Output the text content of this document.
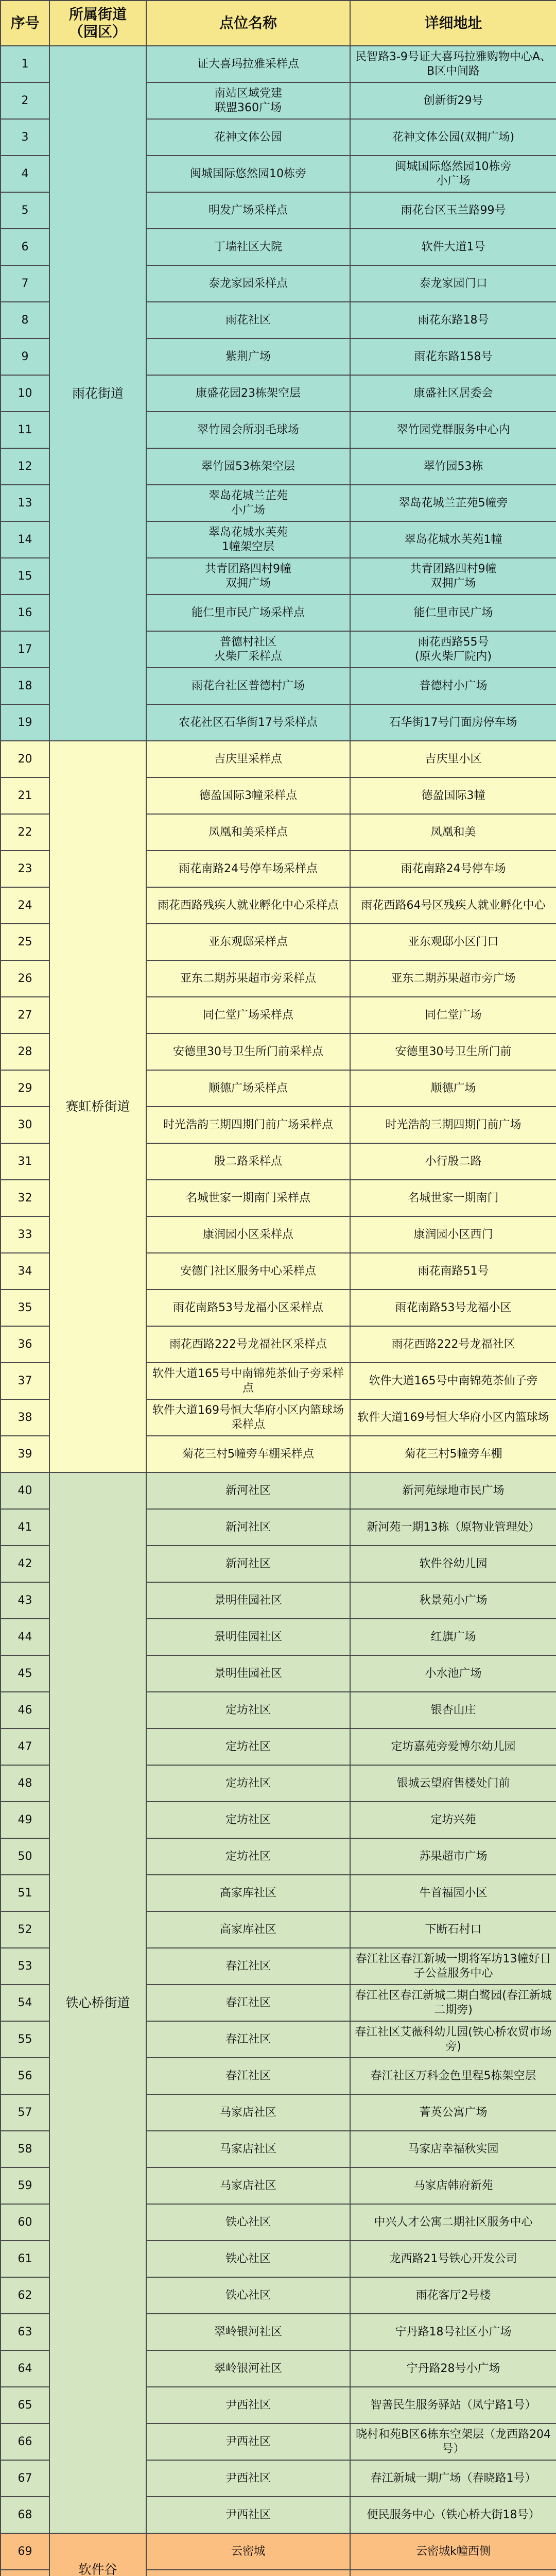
序号	所属街道
（园区）	点位名称	详细地址
1	雨花街道	证大喜玛拉雅采样点	民智路3-9号证大喜玛拉雅购物中心A、B区中间路
2		南站区域党建
联盟360广场	创新街29号
3		花神文体公园	花神文体公园(双拥广场)
4		闽城国际悠然园10栋旁	闽城国际悠然园10栋旁
小广场
5		明发广场采样点	雨花台区玉兰路99号
6		丁墙社区大院	软件大道1号
7		泰龙家园采样点	泰龙家园门口
8		雨花社区	雨花东路18号
9		紫荆广场	雨花东路158号
10		康盛花园23栋架空层	康盛社区居委会
11		翠竹园会所羽毛球场	翠竹园党群服务中心内
12		翠竹园53栋架空层	翠竹园53栋
13		翠岛花城兰芷苑
小广场	翠岛花城兰芷苑5幢旁
14		翠岛花城水芙苑
1幢架空层	翠岛花城水芙苑1幢
15		共青团路四村9幢
双拥广场	共青团路四村9幢
双拥广场
16		能仁里市民广场采样点	能仁里市民广场
17		普德村社区
火柴厂采样点	雨花西路55号
(原火柴厂院内)
18		雨花台社区普德村广场	普德村小广场
19		农花社区石华街17号采样点	石华街17号门面房停车场
20	赛虹桥街道	吉庆里采样点	吉庆里小区
21		德盈国际3幢采样点	德盈国际3幢
22		凤凰和美采样点	凤凰和美
23		雨花南路24号停车场采样点	雨花南路24号停车场
24		雨花西路残疾人就业孵化中心采样点	雨花西路64号区残疾人就业孵化中心
25		亚东观邸采样点	亚东观邸小区门口
26		亚东二期苏果超市旁采样点	亚东二期苏果超市旁广场
27		同仁堂广场采样点	同仁堂广场
28		安德里30号卫生所门前采样点	安德里30号卫生所门前
29		顺德广场采样点	顺德广场
30		时光浩韵三期四期门前广场采样点	时光浩韵三期四期门前广场
31		殷二路采样点	小行殷二路
32		名城世家一期南门采样点	名城世家一期南门
33		康润园小区采样点	康润园小区西门
34		安德门社区服务中心采样点	雨花南路51号
35		雨花南路53号龙福小区采样点	雨花南路53号龙福小区
36		雨花西路222号龙福社区采样点	雨花西路222号龙福社区
37		软件大道165号中南锦苑茶仙子旁采样点	软件大道165号中南锦苑茶仙子旁
38		软件大道169号恒大华府小区内篮球场采样点	软件大道169号恒大华府小区内篮球场
39		菊花三村5幢旁车棚采样点	菊花三村5幢旁车棚
40	铁心桥街道	新河社区	新河苑绿地市民广场
41		新河社区	新河苑一期13栋（原物业管理处）
42		新河社区	软件谷幼儿园
43		景明佳园社区	秋景苑小广场
44		景明佳园社区	红旗广场
45		景明佳园社区	小水池广场
46		定坊社区	银杏山庄
47		定坊社区	定坊嘉苑旁爱博尔幼儿园
48		定坊社区	银城云望府售楼处门前
49		定坊社区	定坊兴苑
50		定坊社区	苏果超市广场
51		高家库社区	牛首福园小区
52		高家库社区	下断石村口
53		春江社区	春江社区春江新城一期将军坊13幢好日子公益服务中心
54		春江社区	春江社区春江新城二期白鹭园(春江新城二期旁)
55		春江社区	春江社区艾薇科幼儿园(铁心桥农贸市场旁)
56		春江社区	春江社区万科金色里程5栋架空层
57		马家店社区	菁英公寓广场
58		马家店社区	马家店幸福秋实园
59		马家店社区	马家店韩府新苑
60		铁心社区	中兴人才公寓二期社区服务中心
61		铁心社区	龙西路21号铁心开发公司
62		铁心社区	雨花客厅2号楼
63		翠岭银河社区	宁丹路18号社区小广场
64		翠岭银河社区	宁丹路28号小广场
65		尹西社区	智善民生服务驿站（凤宁路1号）
66		尹西社区	晓村和苑B区6栋东空架层（龙西路204号）
67		尹西社区	春江新城一期广场（春晓路1号）
68		尹西社区	便民服务中心（铁心桥大街18号）
69	软件谷	云密城	云密城k幢西侧
